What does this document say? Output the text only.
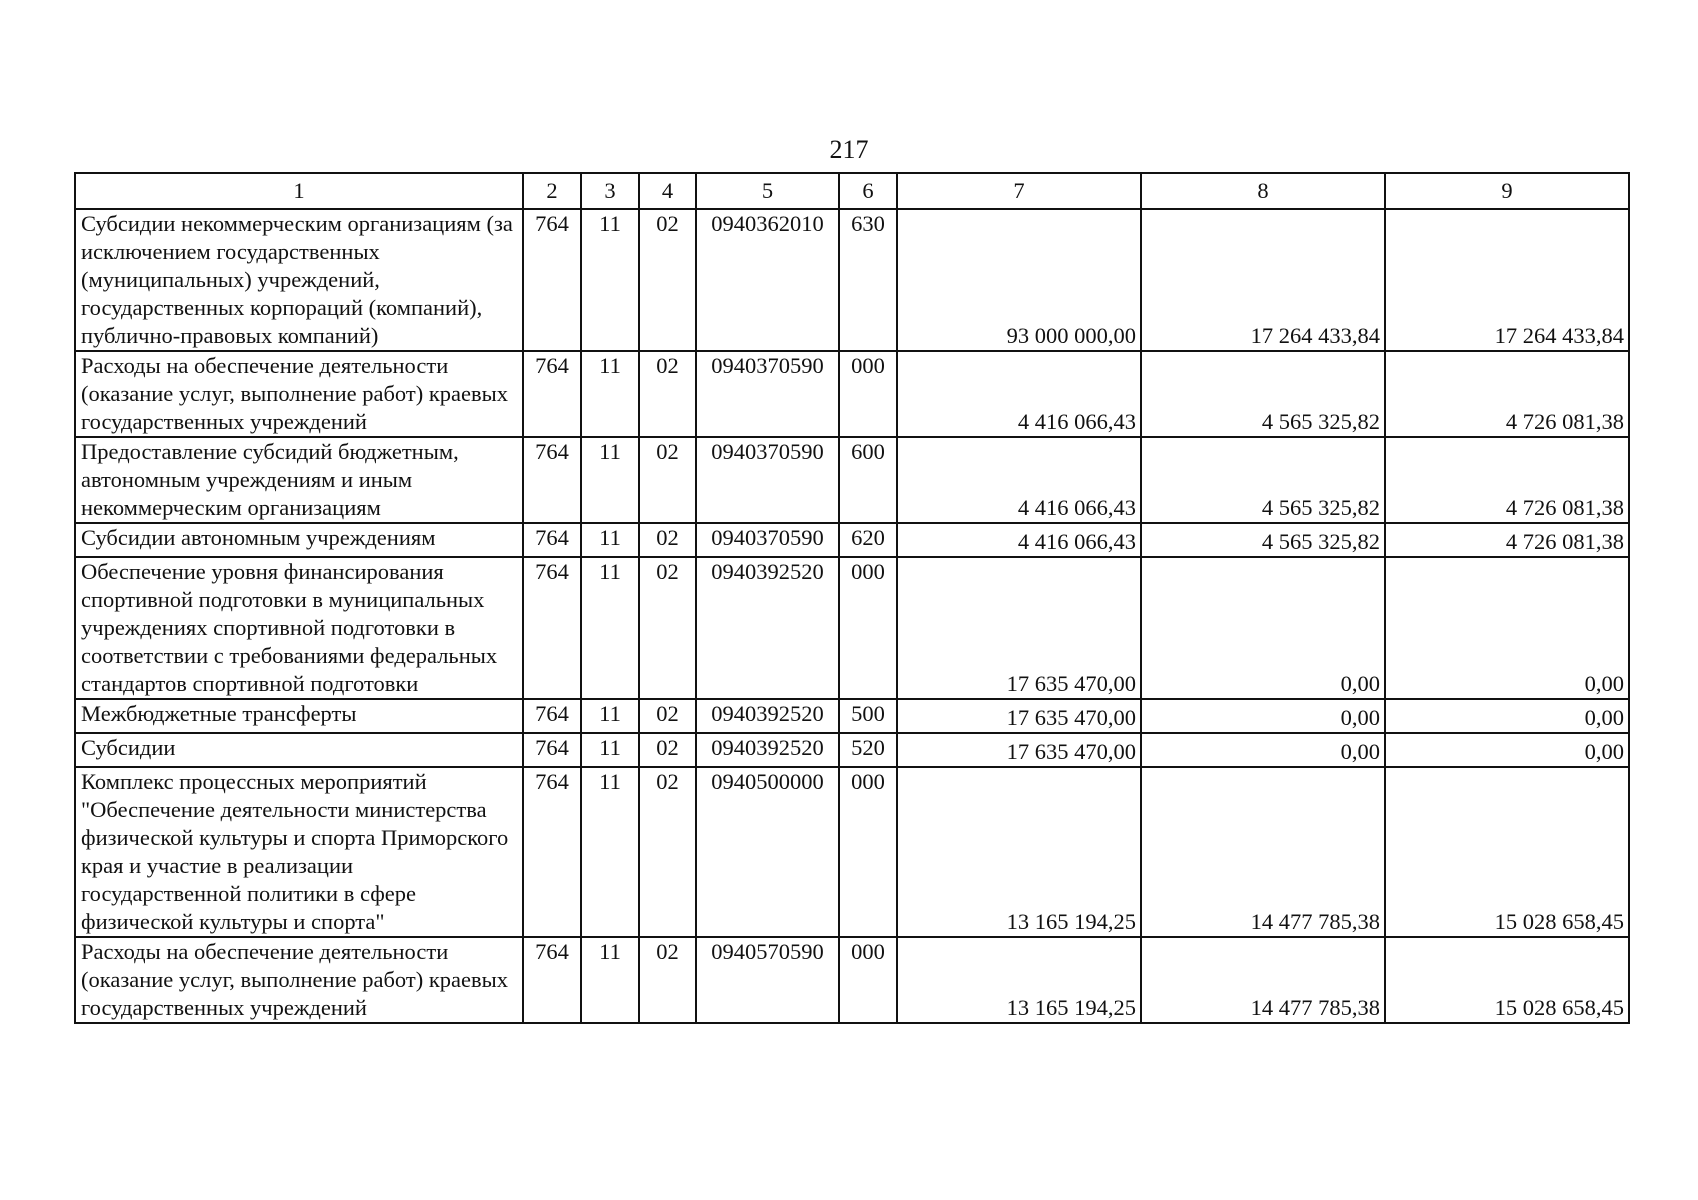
217
1	2	3	4	5	6	7	8	9
Субсидии некоммерческим организациям (за исключением государственных (муниципальных) учреждений, государственных корпораций (компаний), публично-правовых компаний)	764	11	02	0940362010	630	93 000 000,00	17 264 433,84	17 264 433,84
Расходы на обеспечение деятельности (оказание услуг, выполнение работ) краевых государственных учреждений	764	11	02	0940370590	000	4 416 066,43	4 565 325,82	4 726 081,38
Предоставление субсидий бюджетным, автономным учреждениям и иным некоммерческим организациям	764	11	02	0940370590	600	4 416 066,43	4 565 325,82	4 726 081,38
Субсидии автономным учреждениям	764	11	02	0940370590	620	4 416 066,43	4 565 325,82	4 726 081,38
Обеспечение уровня финансирования спортивной подготовки в муниципальных учреждениях спортивной подготовки в соответствии с требованиями федеральных стандартов спортивной подготовки	764	11	02	0940392520	000	17 635 470,00	0,00	0,00
Межбюджетные трансферты	764	11	02	0940392520	500	17 635 470,00	0,00	0,00
Субсидии	764	11	02	0940392520	520	17 635 470,00	0,00	0,00
Комплекс процессных мероприятий "Обеспечение деятельности министерства физической культуры и спорта Приморского края и участие в реализации государственной политики в сфере физической культуры и спорта"	764	11	02	0940500000	000	13 165 194,25	14 477 785,38	15 028 658,45
Расходы на обеспечение деятельности (оказание услуг, выполнение работ) краевых государственных учреждений	764	11	02	0940570590	000	13 165 194,25	14 477 785,38	15 028 658,45
